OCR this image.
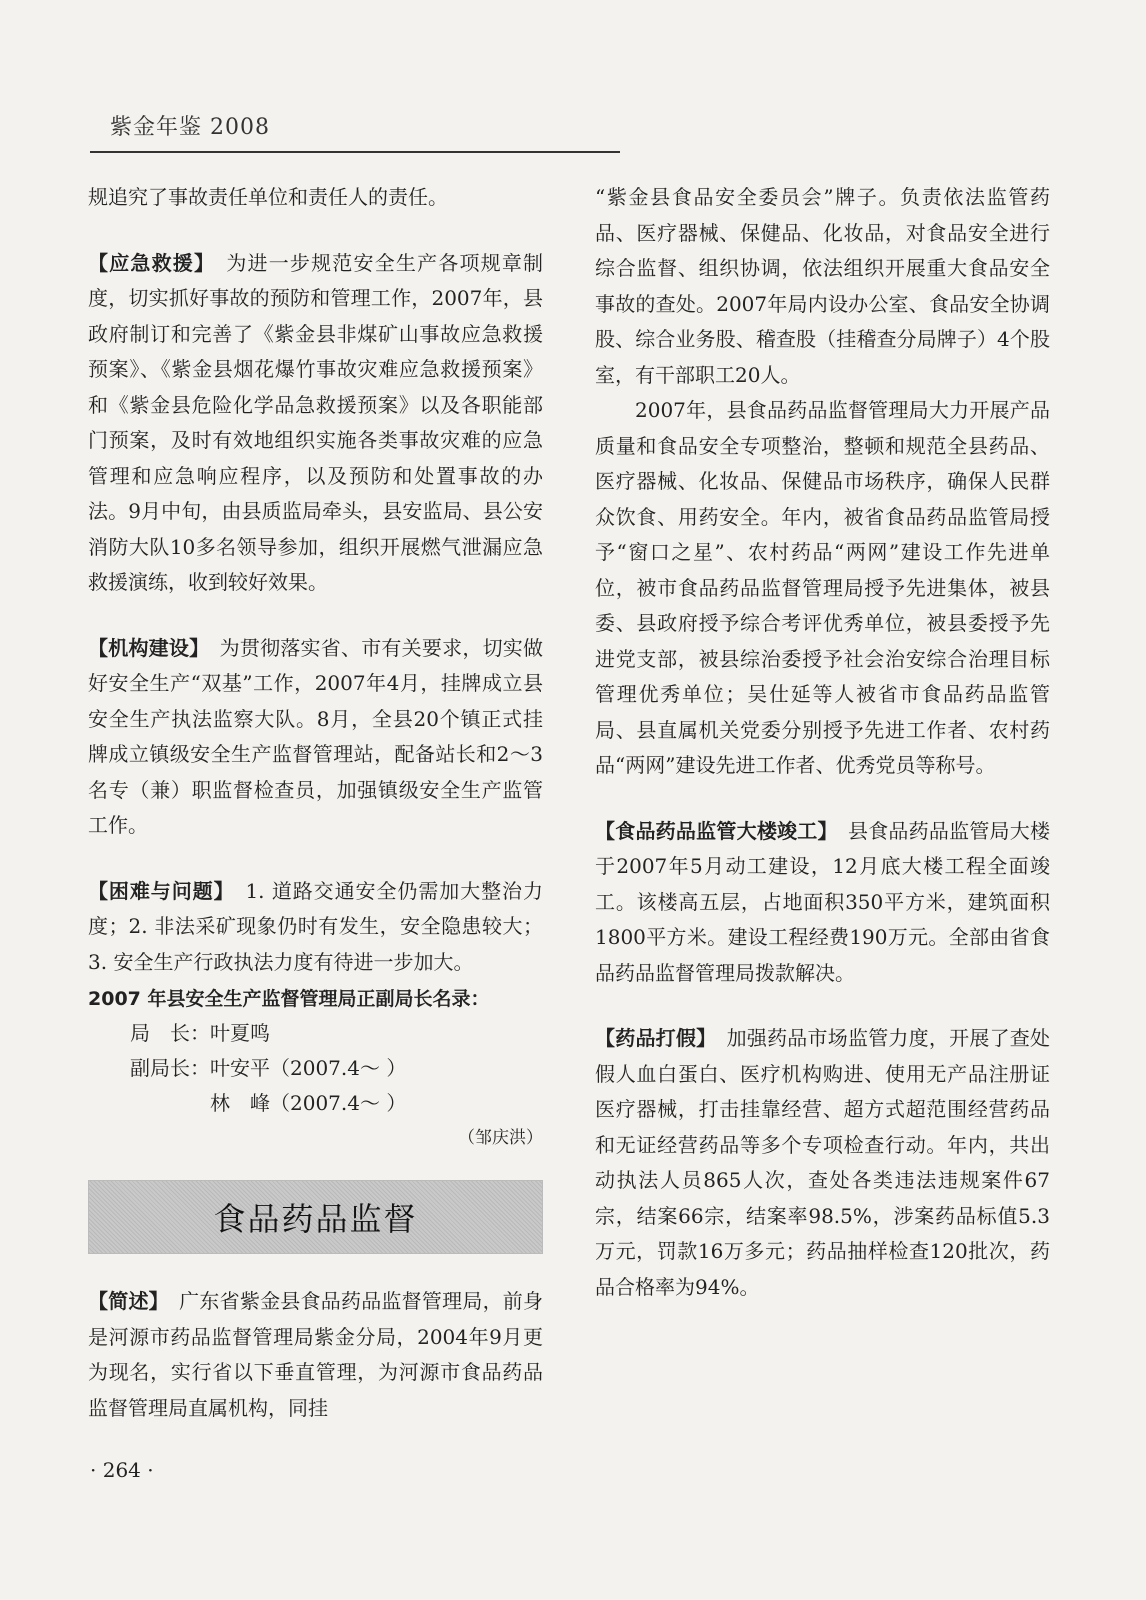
紫金年鉴 2008

规追究了事故责任单位和责任人的责任。

【应急救援】　 为进一步规范安全生产各项规章制度，切实抓好事故的预防和管理工作，2007年，县政府制订和完善了《紫金县非煤矿山事故应急救援预案》、《紫金县烟花爆竹事故灾难应急救援预案》和《紫金县危险化学品急救援预案》以及各职能部门预案，及时有效地组织实施各类事故灾难的应急管理和应急响应程序，以及预防和处置事故的办法。9月中旬，由县质监局牵头，县安监局、县公安消防大队10多名领导参加，组织开展燃气泄漏应急救援演练，收到较好效果。

【机构建设】　 为贯彻落实省、市有关要求，切实做好安全生产“双基”工作，2007年4月，挂牌成立县安全生产执法监察大队。8月，全县20个镇正式挂牌成立镇级安全生产监督管理站，配备站长和2～3名专（兼）职监督检查员，加强镇级安全生产监管工作。

【困难与问题】　 1. 道路交通安全仍需加大整治力度；2. 非法采矿现象仍时有发生，安全隐患较大；3. 安全生产行政执法力度有待进一步加大。

2007 年县安全生产监督管理局正副局长名录：
局　长：叶夏鸣
副局长：叶安平（2007.4～ ）
林　峰（2007.4～ ）
（邹庆洪）
食品药品监督

【简述】　 广东省紫金县食品药品监督管理局，前身是河源市药品监督管理局紫金分局，2004年9月更为现名，实行省以下垂直管理，为河源市食品药品监督管理局直属机构，同挂

“紫金县食品安全委员会”牌子。负责依法监管药品、医疗器械、保健品、化妆品，对食品安全进行综合监督、组织协调，依法组织开展重大食品安全事故的查处。2007年局内设办公室、食品安全协调股、综合业务股、稽查股（挂稽查分局牌子）4个股室，有干部职工20人。

2007年，县食品药品监督管理局大力开展产品质量和食品安全专项整治，整顿和规范全县药品、医疗器械、化妆品、保健品市场秩序，确保人民群众饮食、用药安全。年内，被省食品药品监管局授予“窗口之星”、农村药品“两网”建设工作先进单位，被市食品药品监督管理局授予先进集体，被县委、县政府授予综合考评优秀单位，被县委授予先进党支部，被县综治委授予社会治安综合治理目标管理优秀单位；吴仕延等人被省市食品药品监管局、县直属机关党委分别授予先进工作者、农村药品“两网”建设先进工作者、优秀党员等称号。

【食品药品监管大楼竣工】　 县食品药品监管局大楼于2007年5月动工建设，12月底大楼工程全面竣工。该楼高五层，占地面积350平方米，建筑面积1800平方米。建设工程经费190万元。全部由省食品药品监督管理局拨款解决。

【药品打假】　 加强药品市场监管力度，开展了查处假人血白蛋白、医疗机构购进、使用无产品注册证医疗器械，打击挂靠经营、超方式超范围经营药品和无证经营药品等多个专项检查行动。年内，共出动执法人员865人次，查处各类违法违规案件67宗，结案66宗，结案率98.5%，涉案药品标值5.3万元，罚款16万多元；药品抽样检查120批次，药品合格率为94%。

· 264 ·
